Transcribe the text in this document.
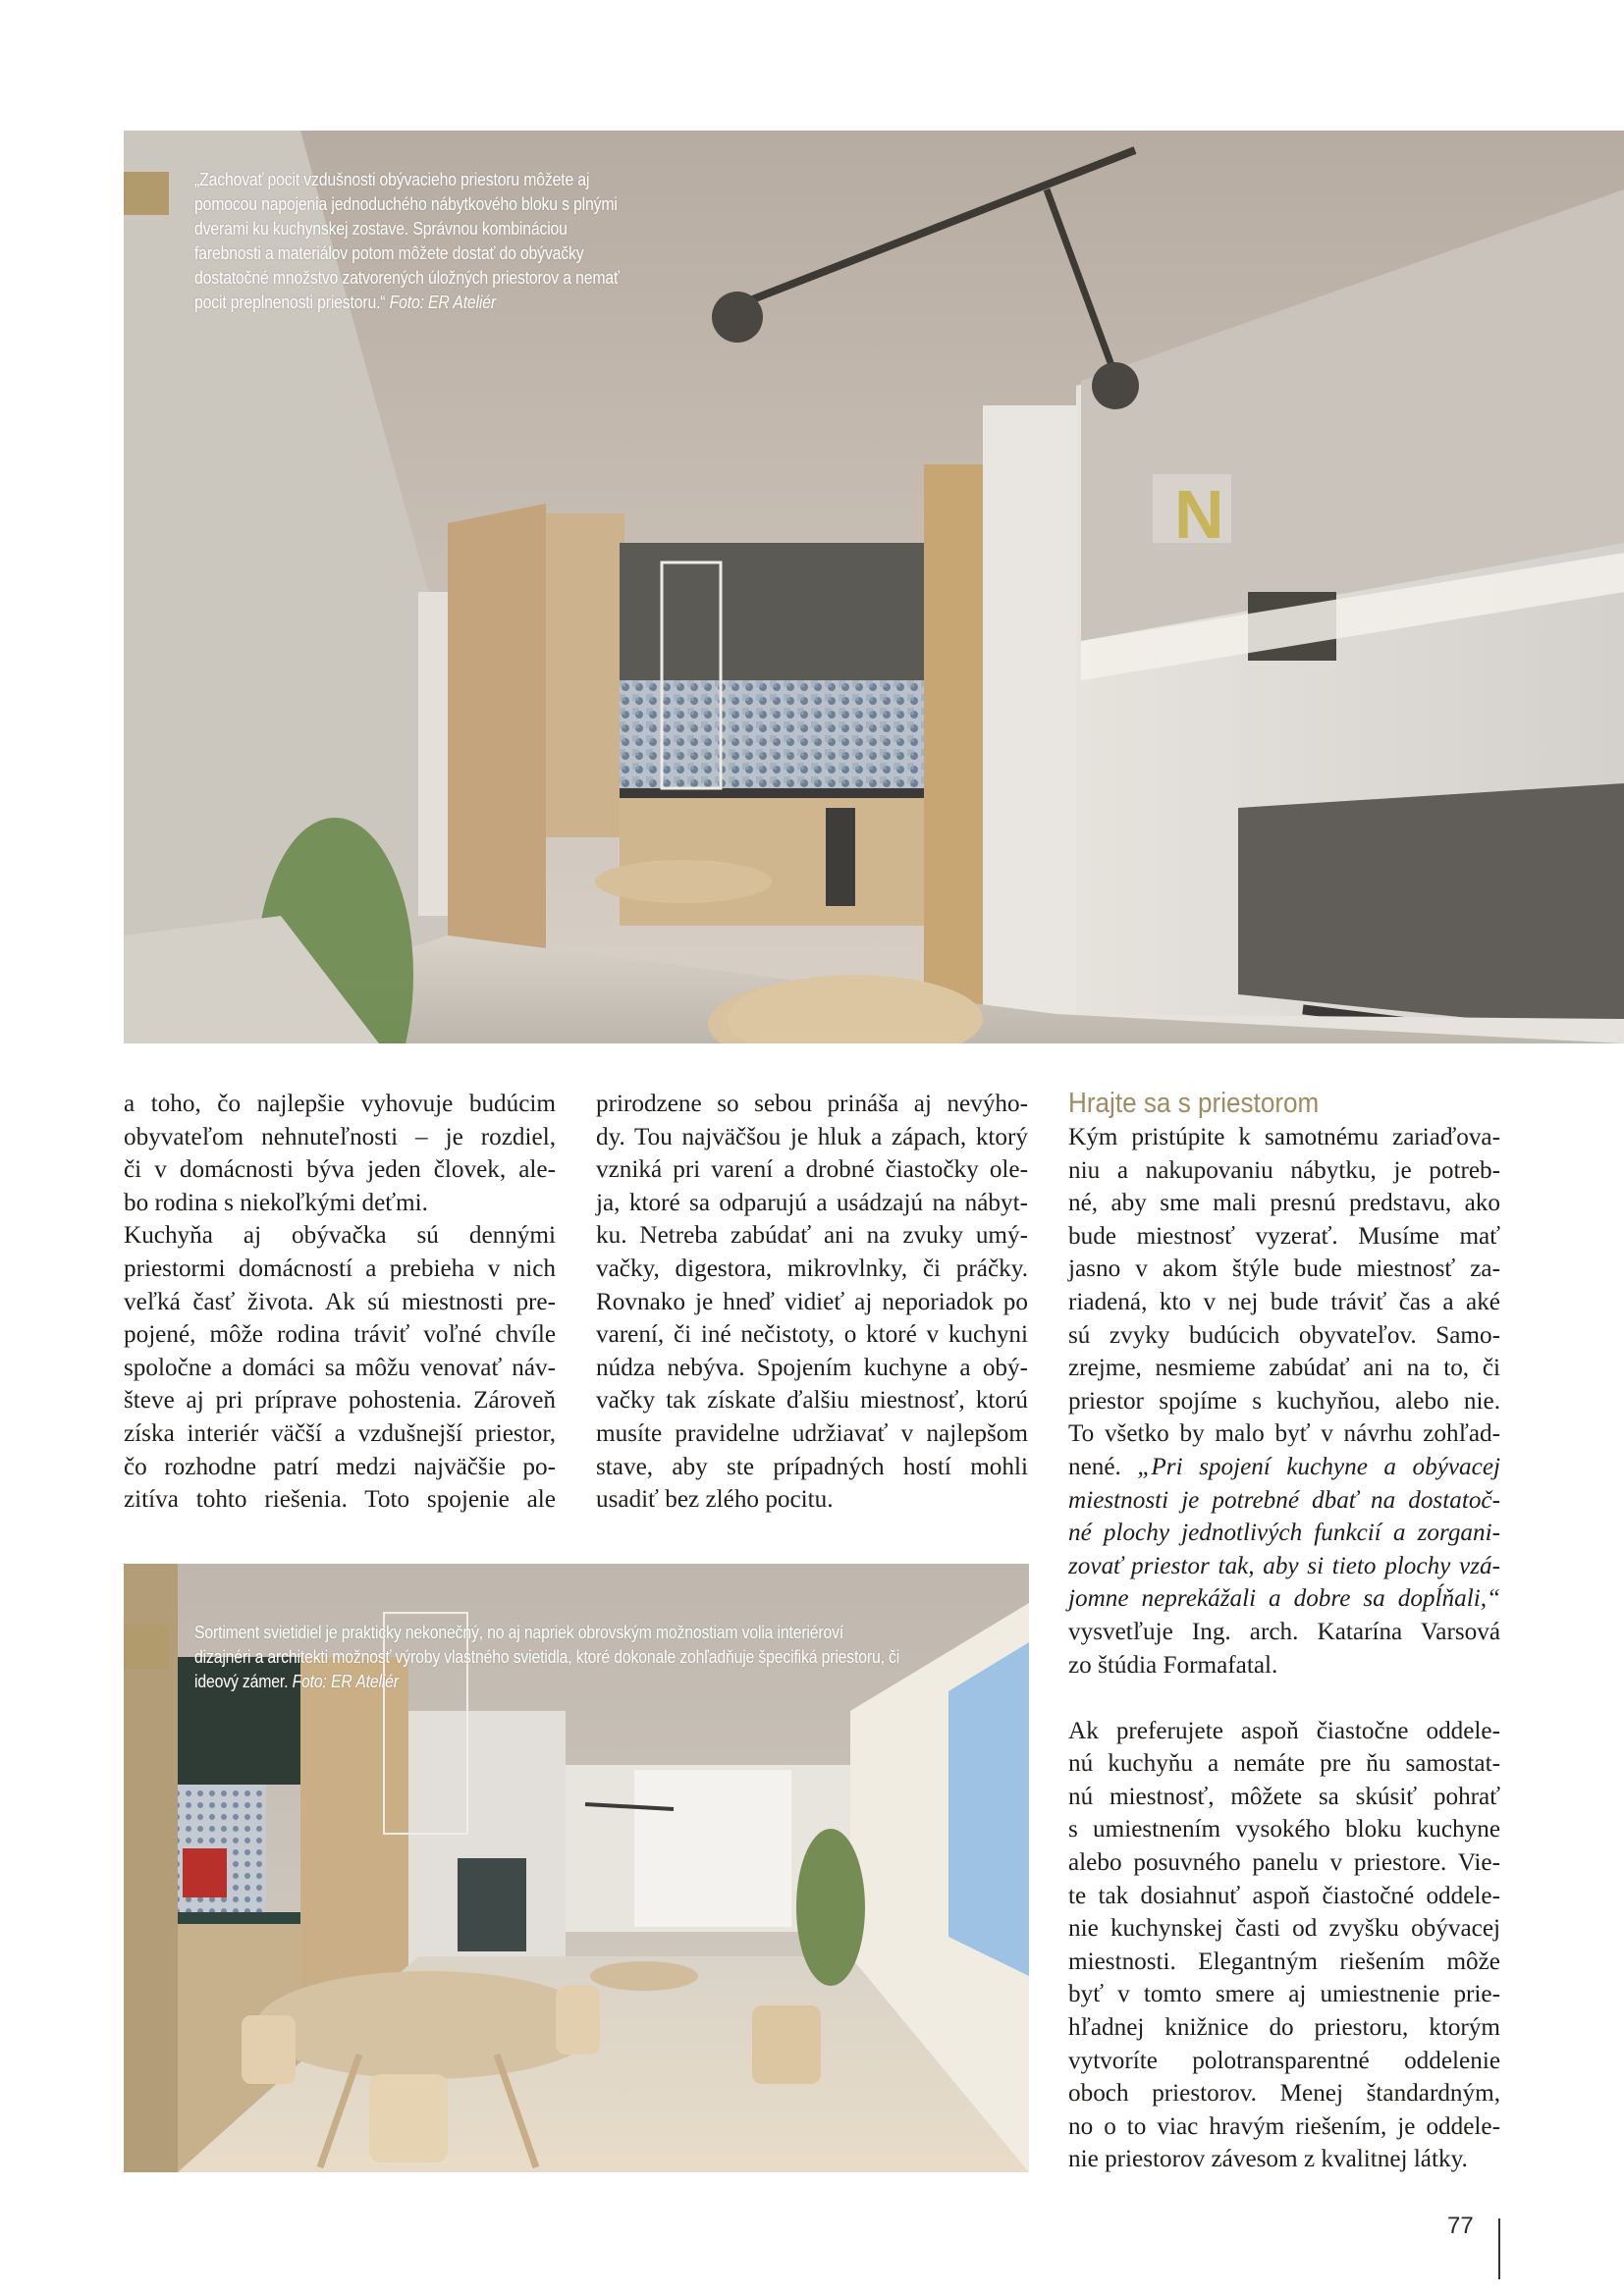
N
„Zachovať pocit vzdušnosti obývacieho priestoru môžete aj
pomocou napojenia jednoduchého nábytkového bloku s plnými
dverami ku kuchynskej zostave. Správnou kombináciou
farebnosti a materiálov potom môžete dostať do obývačky
dostatočné množstvo zatvorených úložných priestorov a nemať
pocit preplnenosti priestoru.“ Foto: ER Ateliér
Sortiment svietidiel je prakticky nekonečný, no aj napriek obrovským možnostiam volia interiéroví
dizajnéri a architekti možnosť výroby vlastného svietidla, ktoré dokonale zohľadňuje špecifiká priestoru, či
ideový zámer. Foto: ER Ateliér
a toho, čo najlepšie vyhovuje budúcim
obyvateľom nehnuteľnosti – je rozdiel,
či v domácnosti býva jeden človek, ale-
bo rodina s niekoľkými deťmi.
Kuchyňa aj obývačka sú dennými
priestormi domácností a prebieha v nich
veľká časť života. Ak sú miestnosti pre-
pojené, môže rodina tráviť voľné chvíle
spoločne a domáci sa môžu venovať náv-
števe aj pri príprave pohostenia. Zároveň
získa interiér väčší a vzdušnejší priestor,
čo rozhodne patrí medzi najväčšie po-
zitíva tohto riešenia. Toto spojenie ale
prirodzene so sebou prináša aj nevýho-
dy. Tou najväčšou je hluk a zápach, ktorý
vzniká pri varení a drobné čiastočky ole-
ja, ktoré sa odparujú a usádzajú na nábyt-
ku. Netreba zabúdať ani na zvuky umý-
vačky, digestora, mikrovlnky, či práčky.
Rovnako je hneď vidieť aj neporiadok po
varení, či iné nečistoty, o ktoré v kuchyni
núdza nebýva. Spojením kuchyne a obý-
vačky tak získate ďalšiu miestnosť, ktorú
musíte pravidelne udržiavať v najlepšom
stave, aby ste prípadných hostí mohli
usadiť bez zlého pocitu.
Hrajte sa s priestorom
Kým pristúpite k samotnému zariaďova-
niu a nakupovaniu nábytku, je potreb-
né, aby sme mali presnú predstavu, ako
bude miestnosť vyzerať. Musíme mať
jasno v akom štýle bude miestnosť za-
riadená, kto v nej bude tráviť čas a aké
sú zvyky budúcich obyvateľov. Samo-
zrejme, nesmieme zabúdať ani na to, či
priestor spojíme s kuchyňou, alebo nie.
To všetko by malo byť v návrhu zohľad-
nené. „Pri spojení kuchyne a obývacej
miestnosti je potrebné dbať na dostatoč-
né plochy jednotlivých funkcií a zorgani-
zovať priestor tak, aby si tieto plochy vzá-
jomne neprekážali a dobre sa dopĺňali,“
vysvetľuje Ing. arch. Katarína Varsová
zo štúdia Formafatal.
Ak preferujete aspoň čiastočne oddele-
nú kuchyňu a nemáte pre ňu samostat-
nú miestnosť, môžete sa skúsiť pohrať
s umiestnením vysokého bloku kuchyne
alebo posuvného panelu v priestore. Vie-
te tak dosiahnuť aspoň čiastočné oddele-
nie kuchynskej časti od zvyšku obývacej
miestnosti. Elegantným riešením môže
byť v tomto smere aj umiestnenie prie-
hľadnej knižnice do priestoru, ktorým
vytvoríte polotransparentné oddelenie
oboch priestorov. Menej štandardným,
no o to viac hravým riešením, je oddele-
nie priestorov závesom z kvalitnej látky.
77
